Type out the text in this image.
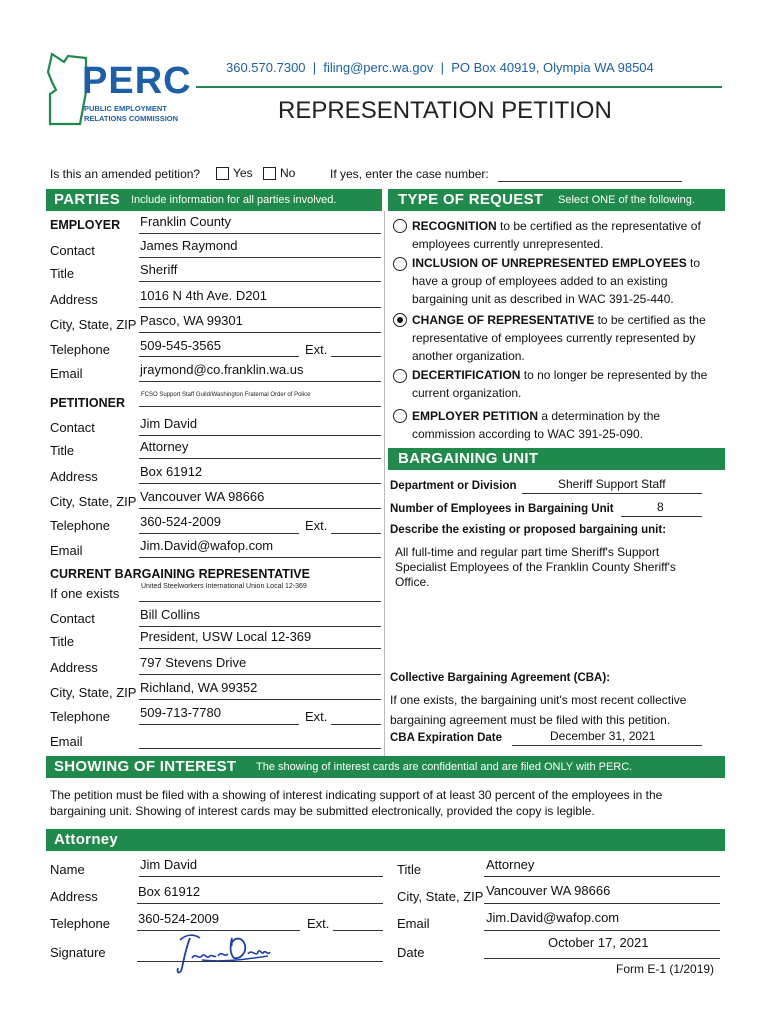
PERC
PUBLIC EMPLOYMENT
RELATIONS COMMISSION
360.570.7300  |  filing@perc.wa.gov  |  PO Box 40919, Olympia WA 98504
REPRESENTATION PETITION
Is this an amended petition?	Yes No	If yes, enter the case number:
PARTIES Include information for all parties involved.	TYPE OF REQUEST Select ONE of the following.
EMPLOYER Franklin County
Contact	James Raymond
Title	Sheriff
Address	1016 N 4th Ave. D201
City, State, ZIP Pasco, WA 99301
Telephone 509-545-3565	Ext.
Email	jraymond@co.franklin.wa.us
PETITIONER
FCSO Support Staff Guild/Washington Fraternal Order of Police
Contact	Jim David
Title	Attorney
Address	Box 61912
City, State, ZIP Vancouver WA 98666
Telephone 360-524-2009	Ext.
Email	Jim.David@wafop.com
CURRENT BARGAINING REPRESENTATIVE
If one exists	United Steelworkers International Union Local 12-369
Contact	Bill Collins
Title	President, USW Local 12-369
Address	797 Stevens Drive
City, State, ZIP Richland, WA 99352
Telephone 509-713-7780	Ext.
Email
RECOGNITION to be certified as the representative of employees currently unrepresented.
INCLUSION OF UNREPRESENTED EMPLOYEES to have a group of employees added to an existing bargaining unit as described in WAC 391-25-440.
CHANGE OF REPRESENTATIVE to be certified as the representative of employees currently represented by another organization.
DECERTIFICATION to no longer be represented by the current organization.
EMPLOYER PETITION a determination by the commission according to WAC 391-25-090.
BARGAINING UNIT
Department or Division	Sheriff Support Staff
Number of Employees in Bargaining Unit	8
Describe the existing or proposed bargaining unit:
All full-time and regular part time Sheriff's Support Specialist Employees of the Franklin County Sheriff's Office.
Collective Bargaining Agreement (CBA):
If one exists, the bargaining unit's most recent collective bargaining agreement must be filed with this petition.
CBA Expiration Date	December 31, 2021
SHOWING OF INTEREST The showing of interest cards are confidential and are filed ONLY with PERC.
The petition must be filed with a showing of interest indicating support of at least 30 percent of the employees in the bargaining unit. Showing of interest cards may be submitted electronically, provided the copy is legible.
Attorney
Name	Jim David
Address	Box 61912
Telephone 360-524-2009	Ext.
Signature
Title	Attorney
City, State, ZIP Vancouver WA 98666
Email	Jim.David@wafop.com
Date
October 17, 2021
Form E-1 (1/2019)
